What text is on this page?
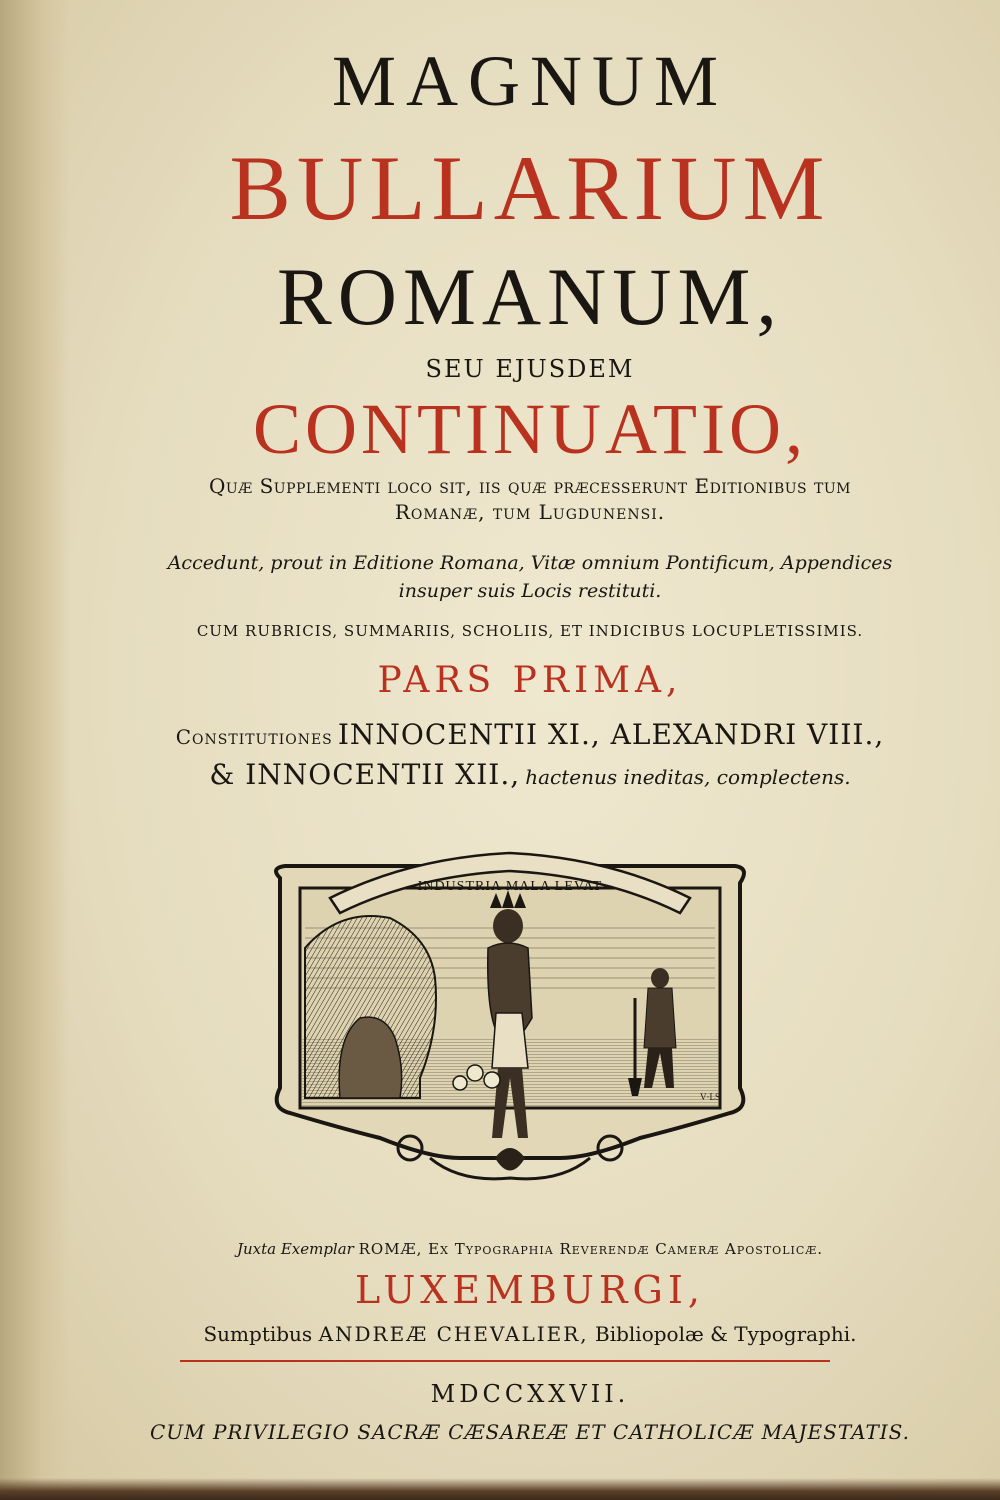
MAGNUM
BULLARIUM
ROMANUM,
SEU EJUSDEM
CONTINUATIO,
Quæ Supplementi loco sit, iis quæ præcesserunt Editionibus tum
Romanæ, tum Lugdunensi.
Accedunt, prout in Editione Romana, Vitæ omnium Pontificum, Appendices
insuper suis Locis restituti.
CUM RUBRICIS, SUMMARIIS, SCHOLIIS, ET INDICIBUS LOCUPLETISSIMIS.
PARS PRIMA,
Constitutiones INNOCENTII XI., ALEXANDRI VIII.,
& INNOCENTII XII., hactenus ineditas, complectens.
INDUSTRIA MALA LEVAT
V·LS
Juxta Exemplar ROMÆ, Ex Typographia Reverendæ Cameræ Apostolicæ.
LUXEMBURGI,
Sumptibus ANDREÆ CHEVALIER, Bibliopolæ & Typographi.
MDCCXXVII.
CUM PRIVILEGIO SACRÆ CÆSAREÆ ET CATHOLICÆ MAJESTATIS.
